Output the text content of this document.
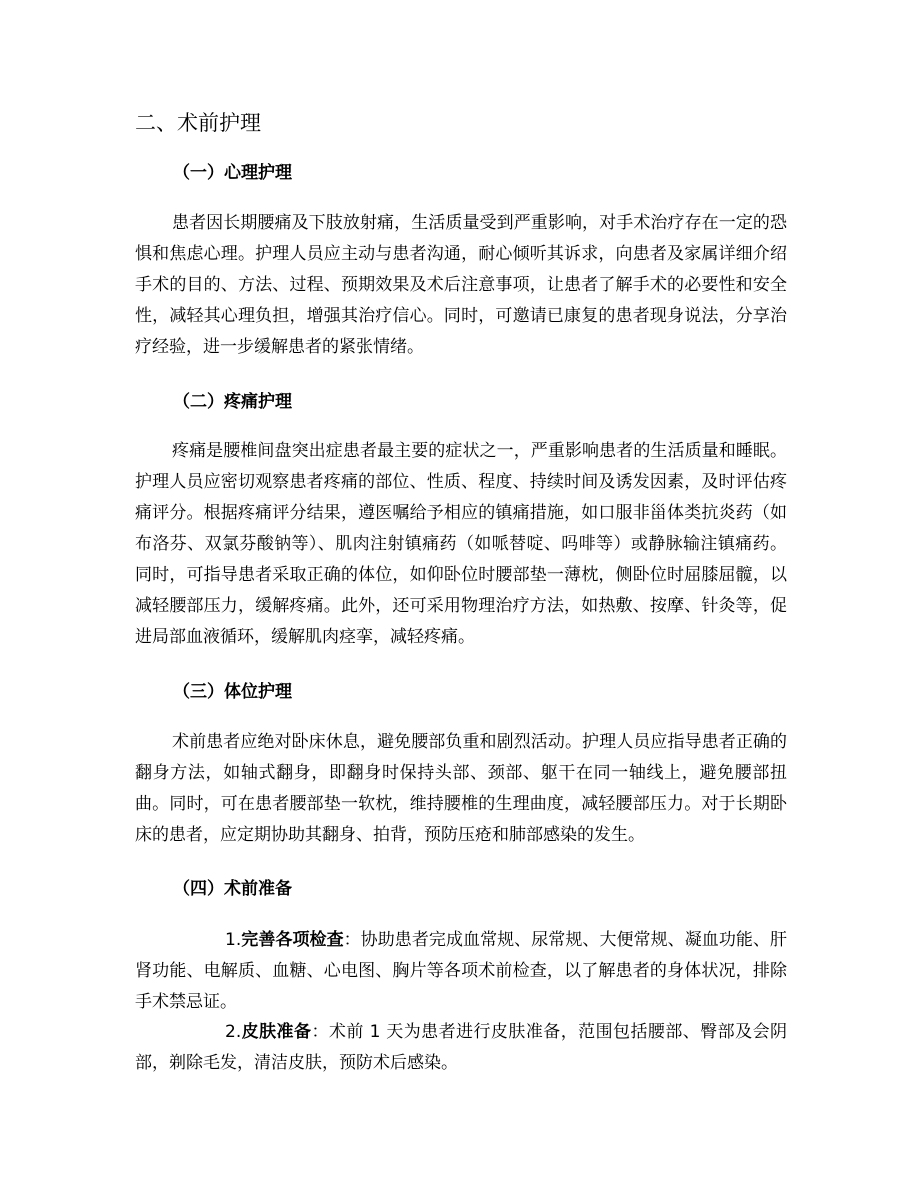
二、术前护理
（一）心理护理

患者因长期腰痛及下肢放射痛，生活质量受到严重影响，对手术治疗存在一定的恐惧和焦虑心理。护理人员应主动与患者沟通，耐心倾听其诉求，向患者及家属详细介绍手术的目的、方法、过程、预期效果及术后注意事项，让患者了解手术的必要性和安全性，减轻其心理负担，增强其治疗信心。同时，可邀请已康复的患者现身说法，分享治疗经验，进一步缓解患者的紧张情绪。

（二）疼痛护理

疼痛是腰椎间盘突出症患者最主要的症状之一，严重影响患者的生活质量和睡眠。护理人员应密切观察患者疼痛的部位、性质、程度、持续时间及诱发因素，及时评估疼痛评分。根据疼痛评分结果，遵医嘱给予相应的镇痛措施，如口服非甾体类抗炎药（如布洛芬、双氯芬酸钠等）、肌肉注射镇痛药（如哌替啶、吗啡等）或静脉输注镇痛药。同时，可指导患者采取正确的体位，如仰卧位时腰部垫一薄枕，侧卧位时屈膝屈髋，以减轻腰部压力，缓解疼痛。此外，还可采用物理治疗方法，如热敷、按摩、针灸等，促进局部血液循环，缓解肌肉痉挛，减轻疼痛。

（三）体位护理

术前患者应绝对卧床休息，避免腰部负重和剧烈活动。护理人员应指导患者正确的翻身方法，如轴式翻身，即翻身时保持头部、颈部、躯干在同一轴线上，避免腰部扭曲。同时，可在患者腰部垫一软枕，维持腰椎的生理曲度，减轻腰部压力。对于长期卧床的患者，应定期协助其翻身、拍背，预防压疮和肺部感染的发生。

（四）术前准备

1.完善各项检查：协助患者完成血常规、尿常规、大便常规、凝血功能、肝肾功能、电解质、血糖、心电图、胸片等各项术前检查，以了解患者的身体状况，排除手术禁忌证。

2.皮肤准备：术前 1 天为患者进行皮肤准备，范围包括腰部、臀部及会阴部，剃除毛发，清洁皮肤，预防术后感染。
